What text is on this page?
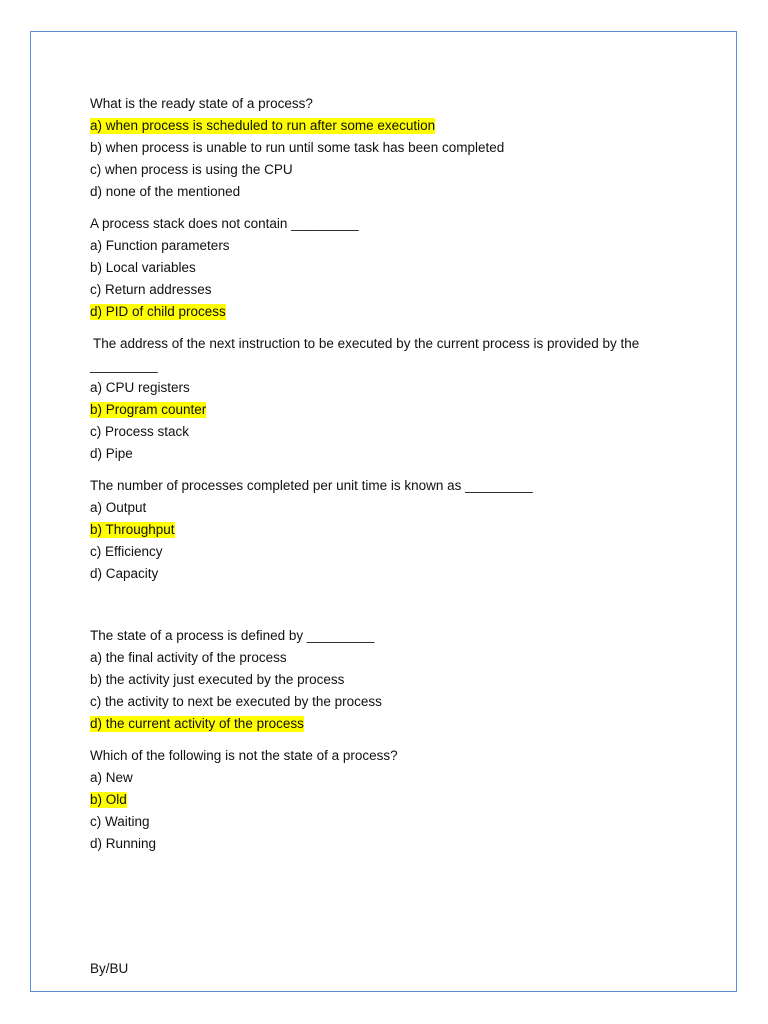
What is the ready state of a process?
a) when process is scheduled to run after some execution
b) when process is unable to run until some task has been completed
c) when process is using the CPU
d) none of the mentioned
A process stack does not contain _________
a) Function parameters
b) Local variables
c) Return addresses
d) PID of child process
The address of the next instruction to be executed by the current process is provided by the
_________
a) CPU registers
b) Program counter
c) Process stack
d) Pipe
The number of processes completed per unit time is known as _________
a) Output
b) Throughput
c) Efficiency
d) Capacity
The state of a process is defined by _________
a) the final activity of the process
b) the activity just executed by the process
c) the activity to next be executed by the process
d) the current activity of the process
Which of the following is not the state of a process?
a) New
b) Old
c) Waiting
d) Running
By/BU
